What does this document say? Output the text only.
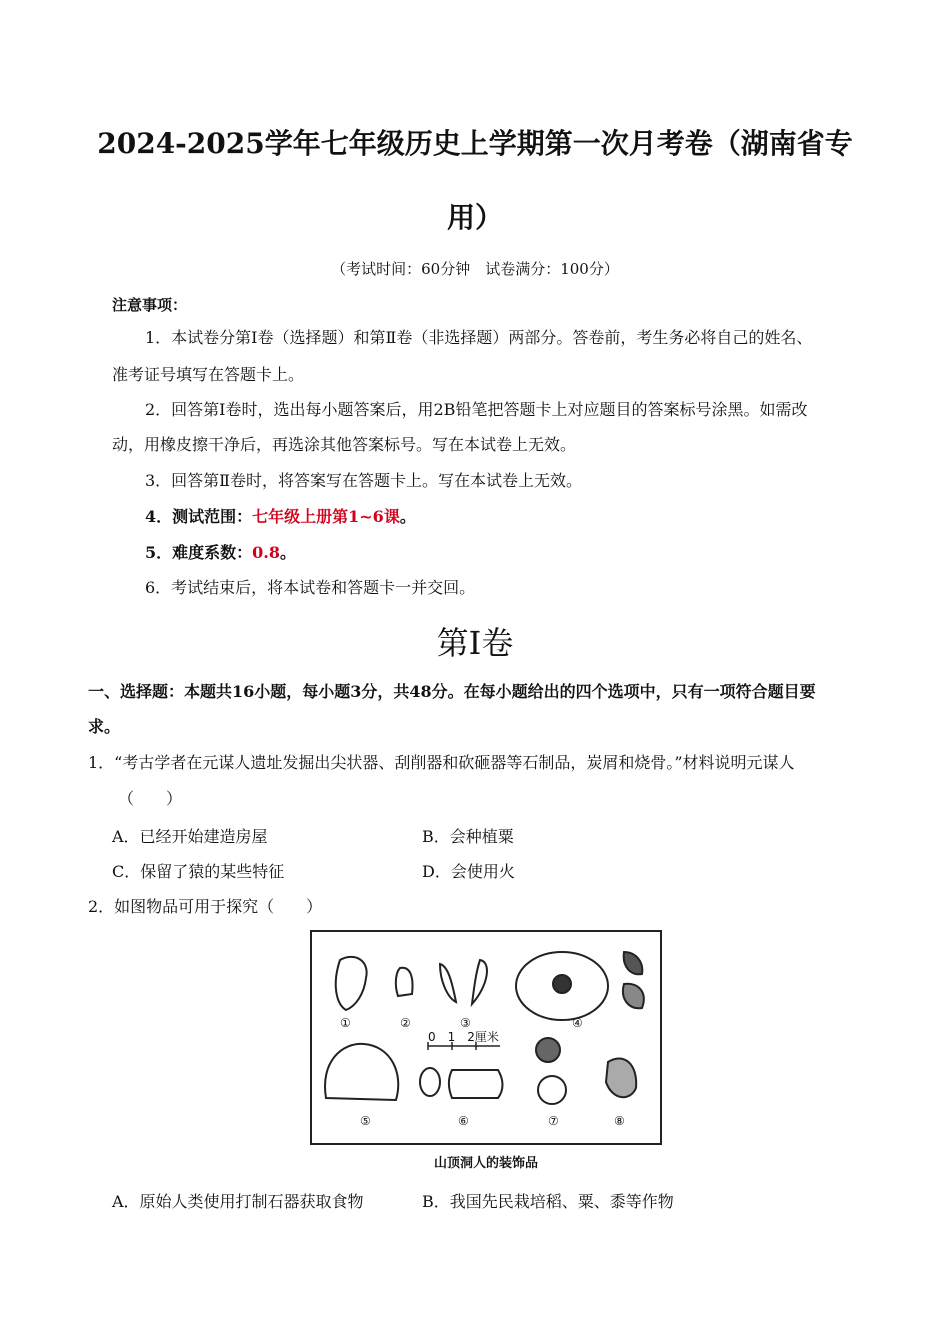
2024-2025学年七年级历史上学期第一次月考卷（湖南省专
用）
（考试时间：60分钟　试卷满分：100分）
注意事项：
1．本试卷分第Ⅰ卷（选择题）和第Ⅱ卷（非选择题）两部分。答卷前，考生务必将自己的姓名、
准考证号填写在答题卡上。
2．回答第Ⅰ卷时，选出每小题答案后，用2B铅笔把答题卡上对应题目的答案标号涂黑。如需改
动，用橡皮擦干净后，再选涂其他答案标号。写在本试卷上无效。
3．回答第Ⅱ卷时，将答案写在答题卡上。写在本试卷上无效。
4．测试范围：七年级上册第1~6课。
5．难度系数：0.8。
6．考试结束后，将本试卷和答题卡一并交回。
第Ⅰ卷
一、选择题：本题共16小题，每小题3分，共48分。在每小题给出的四个选项中，只有一项符合题目要
求。
1．“考古学者在元谋人遗址发掘出尖状器、刮削器和砍砸器等石制品，炭屑和烧骨。”材料说明元谋人
（　　）
A．已经开始建造房屋	B．会种植粟
C．保留了猿的某些特征	D．会使用火
2．如图物品可用于探究（　　）
0　1　2厘米
①	②	③	④
⑤	⑥	⑦	⑧
山顶洞人的装饰品
A．原始人类使用打制石器获取食物	B．我国先民栽培稻、粟、黍等作物
